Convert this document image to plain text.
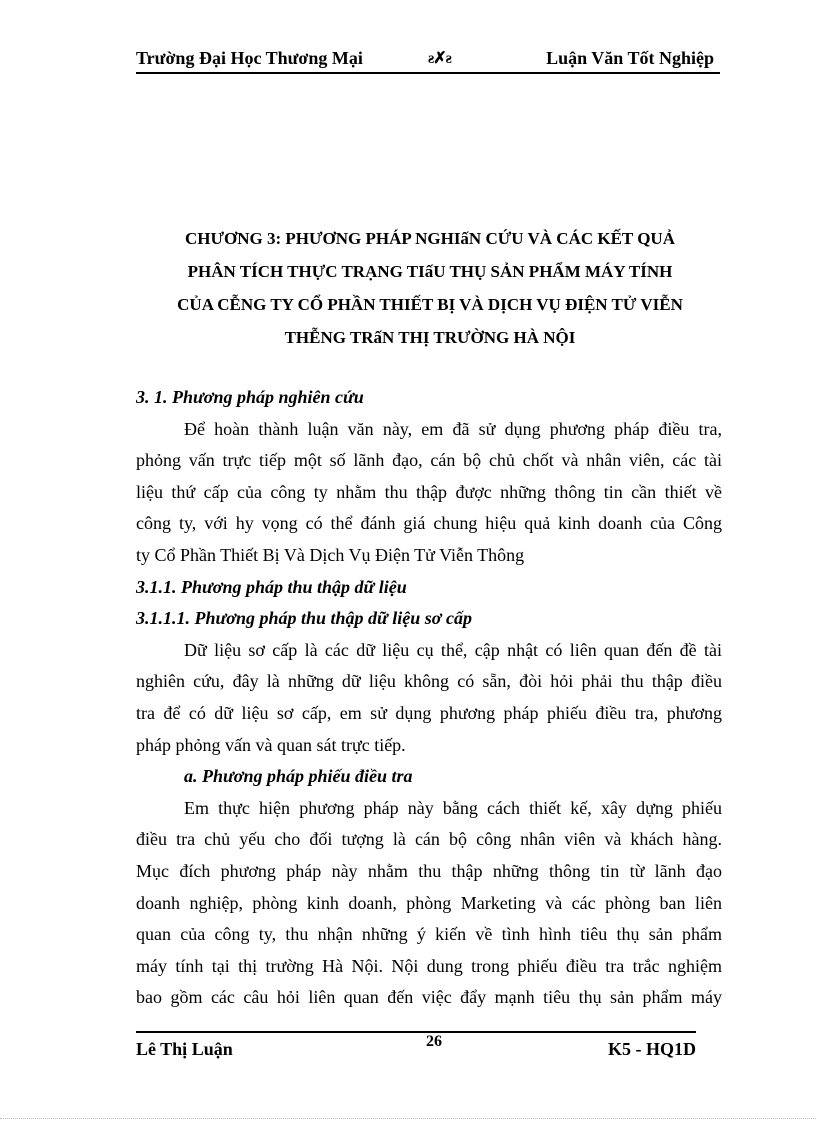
Trường Đại Học Thương Mại	ƨ✗ƨ	Luận Văn Tốt Nghiệp
CHƯƠNG 3: PHƯƠNG PHÁP NGHIấN CỨU VÀ CÁC KẾT QUẢ
PHÂN TÍCH THỰC TRẠNG TIấU THỤ SẢN PHẨM MÁY TÍNH
CỦA CỄNG TY CỔ PHẦN THIẾT BỊ VÀ DỊCH VỤ ĐIỆN TỬ VIỄN
THỄNG TRấN THỊ TRƯỜNG HÀ NỘI
3. 1. Phương pháp nghiên cứu
Để hoàn thành luận văn này, em đã sử dụng phương pháp điều tra,
phỏng vấn trực tiếp một số lãnh đạo, cán bộ chủ chốt và nhân viên, các tài
liệu thứ cấp của công ty nhằm thu thập được những thông tin cần thiết về
công ty, với hy vọng có thể đánh giá chung hiệu quả kinh doanh của Công
ty Cổ Phần Thiết Bị Và Dịch Vụ Điện Tử Viễn Thông
3.1.1. Phương pháp thu thập dữ liệu
3.1.1.1. Phương pháp thu thập dữ liệu sơ cấp
Dữ liệu sơ cấp là các dữ liệu cụ thể, cập nhật có liên quan đến đề tài
nghiên cứu, đây là những dữ liệu không có sẵn, đòi hỏi phải thu thập điều
tra để có dữ liệu sơ cấp, em sử dụng phương pháp phiếu điều tra, phương
pháp phỏng vấn và quan sát trực tiếp.
a. Phương pháp phiếu điều tra
Em thực hiện phương pháp này bằng cách thiết kế, xây dựng phiếu
điều tra chủ yếu cho đối tượng là cán bộ công nhân viên và khách hàng.
Mục đích phương pháp này nhằm thu thập những thông tin từ lãnh đạo
doanh nghiệp, phòng kinh doanh, phòng Marketing và các phòng ban liên
quan của công ty, thu nhận những ý kiến về tình hình tiêu thụ sản phẩm
máy tính tại thị trường Hà Nội. Nội dung trong phiếu điều tra trắc nghiệm
bao gồm các câu hỏi liên quan đến việc đẩy mạnh tiêu thụ sản phẩm máy
Lê Thị Luận	26	K5 - HQ1D
